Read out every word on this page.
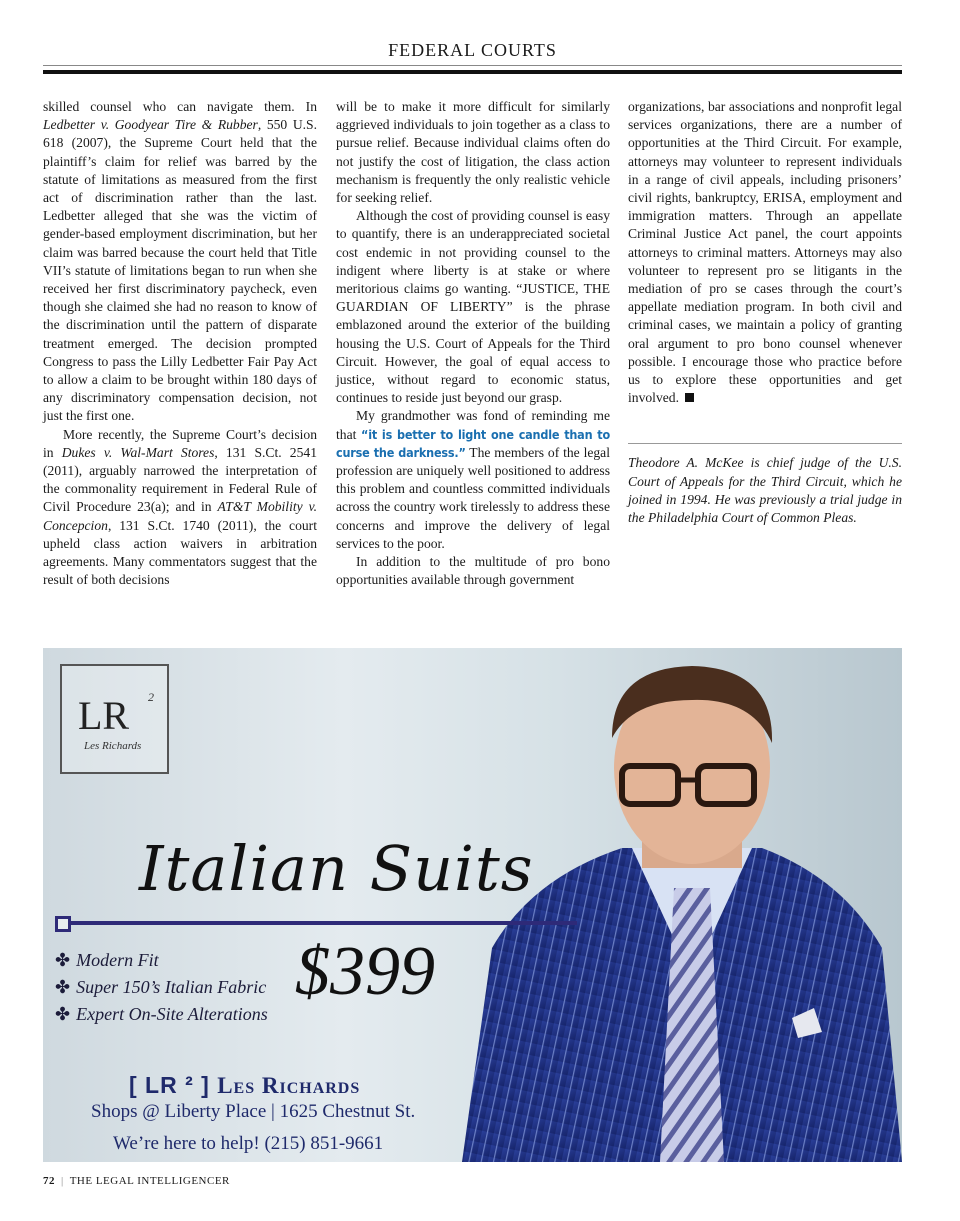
FEDERAL COURTS

skilled counsel who can navigate them. In Ledbetter v. Goodyear Tire & Rubber, 550 U.S. 618 (2007), the Supreme Court held that the plaintiff’s claim for relief was barred by the statute of limitations as measured from the first act of discrimination rather than the last. Ledbetter alleged that she was the victim of gender-based employment discrimination, but her claim was barred because the court held that Title VII’s statute of limitations began to run when she received her first discriminatory paycheck, even though she claimed she had no reason to know of the discrimination until the pattern of disparate treatment emerged. The decision prompted Congress to pass the Lilly Ledbetter Fair Pay Act to allow a claim to be brought within 180 days of any discriminatory compensation decision, not just the first one.

More recently, the Supreme Court’s decision in Dukes v. Wal-Mart Stores, 131 S.Ct. 2541 (2011), arguably narrowed the interpretation of the commonality requirement in Federal Rule of Civil Procedure 23(a); and in AT&T Mobility v. Concepcion, 131 S.Ct. 1740 (2011), the court upheld class action waivers in arbitration agreements. Many commentators suggest that the result of both decisions

will be to make it more difficult for similarly aggrieved individuals to join together as a class to pursue relief. Because individual claims often do not justify the cost of litigation, the class action mechanism is frequently the only realistic vehicle for seeking relief.

Although the cost of providing counsel is easy to quantify, there is an underappreciated societal cost endemic in not providing counsel to the indigent where liberty is at stake or where meritorious claims go wanting. “JUSTICE, THE GUARDIAN OF LIBERTY” is the phrase emblazoned around the exterior of the building housing the U.S. Court of Appeals for the Third Circuit. However, the goal of equal access to justice, without regard to economic status, continues to reside just beyond our grasp.

My grandmother was fond of reminding me that “it is better to light one candle than to curse the darkness.” The members of the legal profession are uniquely well positioned to address this problem and countless committed individuals across the country work tirelessly to address these concerns and improve the delivery of legal services to the poor.

In addition to the multitude of pro bono opportunities available through government

organizations, bar associations and nonprofit legal services organizations, there are a number of opportunities at the Third Circuit. For example, attorneys may volunteer to represent individuals in a range of civil appeals, including prisoners’ civil rights, bankruptcy, ERISA, employment and immigration matters. Through an appellate Criminal Justice Act panel, the court appoints attorneys to criminal matters. Attorneys may also volunteer to represent pro se litigants in the mediation of pro se cases through the court’s appellate mediation program. In both civil and criminal cases, we maintain a policy of granting oral argument to pro bono counsel whenever possible. I encourage those who practice before us to explore these opportunities and get involved.

Theodore A. McKee is chief judge of the U.S. Court of Appeals for the Third Circuit, which he joined in 1994. He was previously a trial judge in the Philadelphia Court of Common Pleas.

LR 2
Les Richards
Italian Suits
✤ Modern Fit
✤ Super 150’s Italian Fabric
✤ Expert On-Site Alterations
$399
[ LR ² ] Les Richards
Shops @ Liberty Place | 1625 Chestnut St.
We’re here to help! (215) 851-9661
72 | THE LEGAL INTELLIGENCER
